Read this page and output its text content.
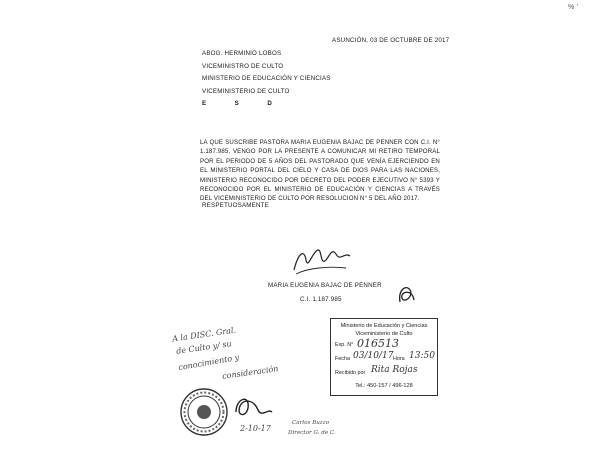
% ’
ASUNCIÓN, 03 DE OCTUBRE DE 2017
ABOG. HERMINIO LOBOS
VICEMINISTRO DE CULTO
MINISTERIO DE EDUCACIÓN Y CIENCIAS
VICEMINISTERIO DE CULTO
E	S	D
LA QUE SUSCRIBE PASTORA MARIA EUGENIA BAJAC DE PENNER CON C.I. N° 1.187.985, VENGO POR LA PRESENTE A COMUNICAR MI RETIRO TEMPORAL POR EL PERIODO DE 5 AÑOS DEL PASTORADO QUE VENÍA EJERCIENDO EN EL MINISTERIO PORTAL DEL CIELO Y CASA DE DIOS PARA LAS NACIONES, MINISTERIO RECONOCIDO POR DECRETO DEL PODER EJECUTIVO N° 5393 Y RECONOCIDO POR EL MINISTERIO DE EDUCACIÓN Y CIENCIAS A TRAVÉS DEL VICEMINISTERIO DE CULTO POR RESOLUCION N° 5 DEL AÑO 2017.
RESPETUOSAMENTE
MARIA EUGENIA BAJAC DE PENNER
C.I. 1.187.985
Ministerio de Educación y Ciencias
Viceministerio de Culto
Exp. N° 016513
Fecha 03/10/17 Hora 13:50
Recibido por Rita Rojas
Tel.: 450-157 / 496-128
A la DISC. Gral.
de Culto y/ su
conocimiento y
consideración
2-10-17
Carlos Buzzo
Director G. de C.
